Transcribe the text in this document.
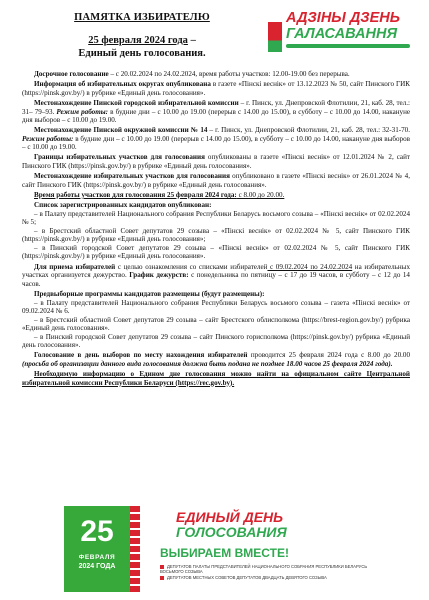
ПАМЯТКА ИЗБИРАТЕЛЮ
25 февраля 2024 года –
Единый день голосования.
АДЗІНЫ ДЗЕНЬ
ГАЛАСАВАННЯ

Досрочное голосование – с 20.02.2024 по 24.02.2024, время работы участков: 12.00-19.00 без перерыва.

Информация об избирательных округах опубликована в газете «Пiнскi веснiк» от 13.12.2023 № 50, сайт Пинского ГИК (https://pinsk.gov.by/) в рубрике «Единый день голосования».

Местонахождение Пинской городской избирательной комиссии – г. Пинск, ул. Днепровской Флотилии, 21, каб. 28, тел.: 31– 79–93. Режим работы: в будние дни – с 10.00 до 19.00 (перерыв с 14.00 до 15.00), в субботу – с 10.00 до 14.00, накануне дня выборов – с 10.00 до 19.00.

Местонахождение Пинской окружной комиссии № 14 – г. Пинск, ул. Днепровской Флотилии, 21, каб. 28, тел.: 32-31-70. Режим работы: в будние дни – с 10.00 до 19.00 (перерыв с 14.00 до 15.00), в субботу – с 10.00 до 14.00, накануне дня выборов – с 10.00 до 19.00.

Границы избирательных участков для голосования опубликованы в газете «Пiнскi веснiк» от 12.01.2024 № 2, сайт Пинского ГИК (https://pinsk.gov.by/) в рубрике «Единый день голосования».

Местонахождение избирательных участков для голосования опубликовано в газете «Пiнскi веснiк» от 26.01.2024 № 4, сайт Пинского ГИК (https://pinsk.gov.by/) в рубрике «Единый день голосования».

Время работы участков для голосования 25 февраля 2024 года: с 8.00 до 20.00.

Список зарегистрированных кандидатов опубликован:

– в Палату представителей Национального собрания Республики Беларусь восьмого созыва – «Пiнскi веснiк» от 02.02.2024 № 5;

– в Брестский областной Совет депутатов 29 созыва – «Пiнскi веснiк» от 02.02.2024 № 5, сайт Пинского ГИК (https://pinsk.gov.by/) в рубрике «Единый день голосования»;

– в Пинский городской Совет депутатов 29 созыва – «Пiнскi веснiк» от 02.02.2024 № 5, сайт Пинского ГИК (https://pinsk.gov.by/) в рубрике «Единый день голосования».

Для приема избирателей с целью ознакомления со списками избирателей с 09.02.2024 по 24.02.2024 на избирательных участках организуется дежурство. График дежурств: с понедельника по пятницу – с 17 до 19 часов, в субботу – с 12 до 14 часов.

Предвыборные программы кандидатов размещены (будут размещены):

– в Палату представителей Национального собрания Республики Беларусь восьмого созыва – газета «Пiнскi веснiк» от 09.02.2024 № 6.

– в Брестский областной Совет депутатов 29 созыва – сайт Брестского облисполкома (https://brest-region.gov.by/) рубрика «Единый день голосования».

– в Пинский городской Совет депутатов 29 созыва – сайт Пинского горисполкома (https://pinsk.gov.by/) рубрика «Единый день голосования».

Голосование в день выборов по месту нахождения избирателей проводится 25 февраля 2024 года с 8.00 до 20.00 (просьба об организации данного вида голосования должна быть подана не позднее 18.00 часов 25 февраля 2024 года).

Необходимую информацию о Едином дне голосования можно найти на официальном сайте Центральной избирательной комиссии Республики Беларуси (https://rec.gov.by).

25
ФЕВРАЛЯ
2024 ГОДА
ЕДИНЫЙ ДЕНЬ
ГОЛОСОВАНИЯ
ВЫБИРАЕМ ВМЕСТЕ!
ДЕПУТАТОВ ПАЛАТЫ ПРЕДСТАВИТЕЛЕЙ НАЦИОНАЛЬНОГО СОБРАНИЯ РЕСПУБЛИКИ БЕЛАРУСЬ ВОСЬМОГО СОЗЫВА
ДЕПУТАТОВ МЕСТНЫХ СОВЕТОВ ДЕПУТАТОВ ДВАДЦАТЬ ДЕВЯТОГО СОЗЫВА
